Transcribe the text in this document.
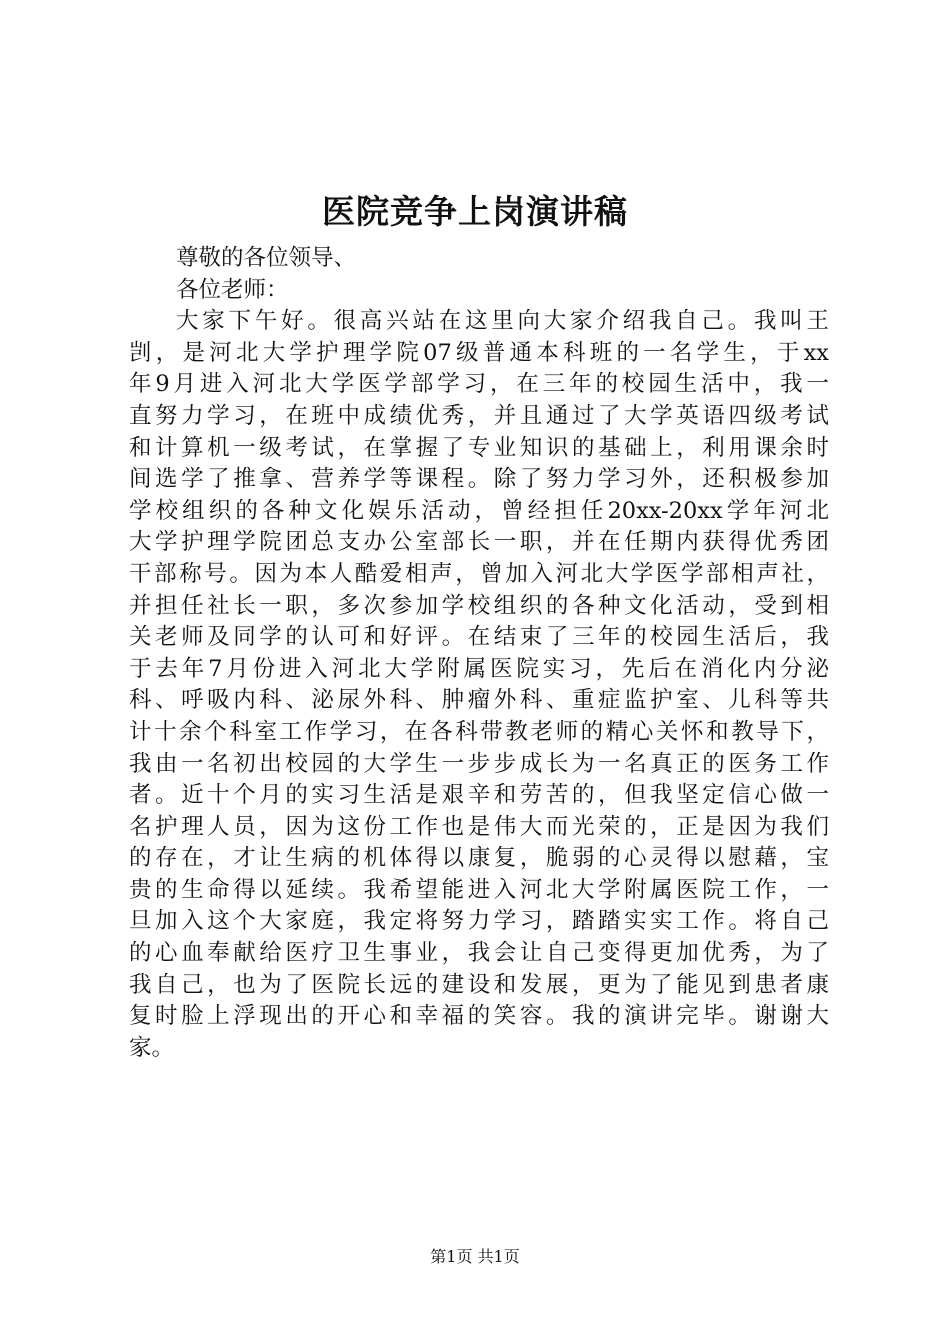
医院竞争上岗演讲稿

尊敬的各位领导、

各位老师：

大家下午好。很高兴站在这里向大家介绍我自己。我叫王

剀，是河北大学护理学院07级普通本科班的一名学生，于xx

年9月进入河北大学医学部学习，在三年的校园生活中，我一

直努力学习，在班中成绩优秀，并且通过了大学英语四级考试

和计算机一级考试，在掌握了专业知识的基础上，利用课余时

间选学了推拿、营养学等课程。除了努力学习外，还积极参加

学校组织的各种文化娱乐活动，曾经担任20xx-20xx学年河北

大学护理学院团总支办公室部长一职，并在任期内获得优秀团

干部称号。因为本人酷爱相声，曾加入河北大学医学部相声社，

并担任社长一职，多次参加学校组织的各种文化活动，受到相

关老师及同学的认可和好评。在结束了三年的校园生活后，我

于去年7月份进入河北大学附属医院实习，先后在消化内分泌

科、呼吸内科、泌尿外科、肿瘤外科、重症监护室、儿科等共

计十余个科室工作学习，在各科带教老师的精心关怀和教导下，

我由一名初出校园的大学生一步步成长为一名真正的医务工作

者。近十个月的实习生活是艰辛和劳苦的，但我坚定信心做一

名护理人员，因为这份工作也是伟大而光荣的，正是因为我们

的存在，才让生病的机体得以康复，脆弱的心灵得以慰藉，宝

贵的生命得以延续。我希望能进入河北大学附属医院工作，一

旦加入这个大家庭，我定将努力学习，踏踏实实工作。将自己

的心血奉献给医疗卫生事业，我会让自己变得更加优秀，为了

我自己，也为了医院长远的建设和发展，更为了能见到患者康

复时脸上浮现出的开心和幸福的笑容。我的演讲完毕。谢谢大

家。

第1页 共1页
